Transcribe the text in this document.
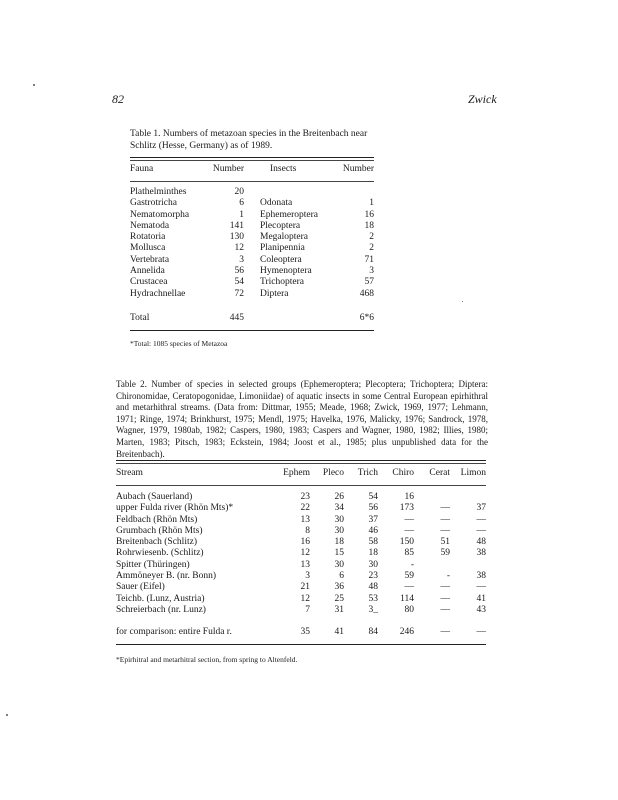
82	Zwick
Table 1. Numbers of metazoan species in the Breitenbach near Schlitz (Hesse, Germany) as of 1989.
Fauna	Number	Insects	Number
Plathelminthes	20		
Gastrotricha	6	Odonata	1
Nematomorpha	1	Ephemeroptera	16
Nematoda	141	Plecoptera	18
Rotatoria	130	Megaloptera	2
Mollusca	12	Planipennia	2
Vertebrata	3	Coleoptera	71
Annelida	56	Hymenoptera	3
Crustacea	54	Trichoptera	57
Hydrachnellae	72	Diptera	468
Total	445		6*6
*Total: 1085 species of Metazoa
Table 2. Number of species in selected groups (Ephemeroptera; Plecoptera; Trichoptera; Diptera: Chironomidae, Ceratopogonidae, Limoniidae) of aquatic insects in some Central European epirhithral and metarhithral streams. (Data from: Dittmar, 1955; Meade, 1968; Zwick, 1969, 1977; Lehmann, 1971; Ringe, 1974; Brinkhurst, 1975; Mendl, 1975; Havelka, 1976, Malicky, 1976; Sandrock, 1978, Wagner, 1979, 1980ab, 1982; Caspers, 1980, 1983; Caspers and Wagner, 1980, 1982; Illies, 1980; Marten, 1983; Pitsch, 1983; Eckstein, 1984; Joost et al., 1985; plus unpublished data for the Breitenbach).
Stream	Ephem	Pleco	Trich	Chiro	Cerat	Limon
Aubach (Sauerland)	23	26	54	16		
upper Fulda river (Rhön Mts)*	22	34	56	173	—	37
Feldbach (Rhön Mts)	13	30	37	—	—	—
Grumbach (Rhön Mts)	8	30	46	—	—	—
Breitenbach (Schlitz)	16	18	58	150	51	48
Rohrwiesenb. (Schlitz)	12	15	18	85	59	38
Spitter (Thüringen)	13	30	30	-		
Ammöneyer B. (nr. Bonn)	3	6	23	59	-	38
Sauer (Eifel)	21	36	48	—	—	—
Teichb. (Lunz, Austria)	12	25	53	114	—	41
Schreierbach (nr. Lunz)	7	31	3_	80	—	43
for comparison: entire Fulda r.	35	41	84	246	—	—
*Epirhitral and metarhitral section, from spring to Altenfeld.
